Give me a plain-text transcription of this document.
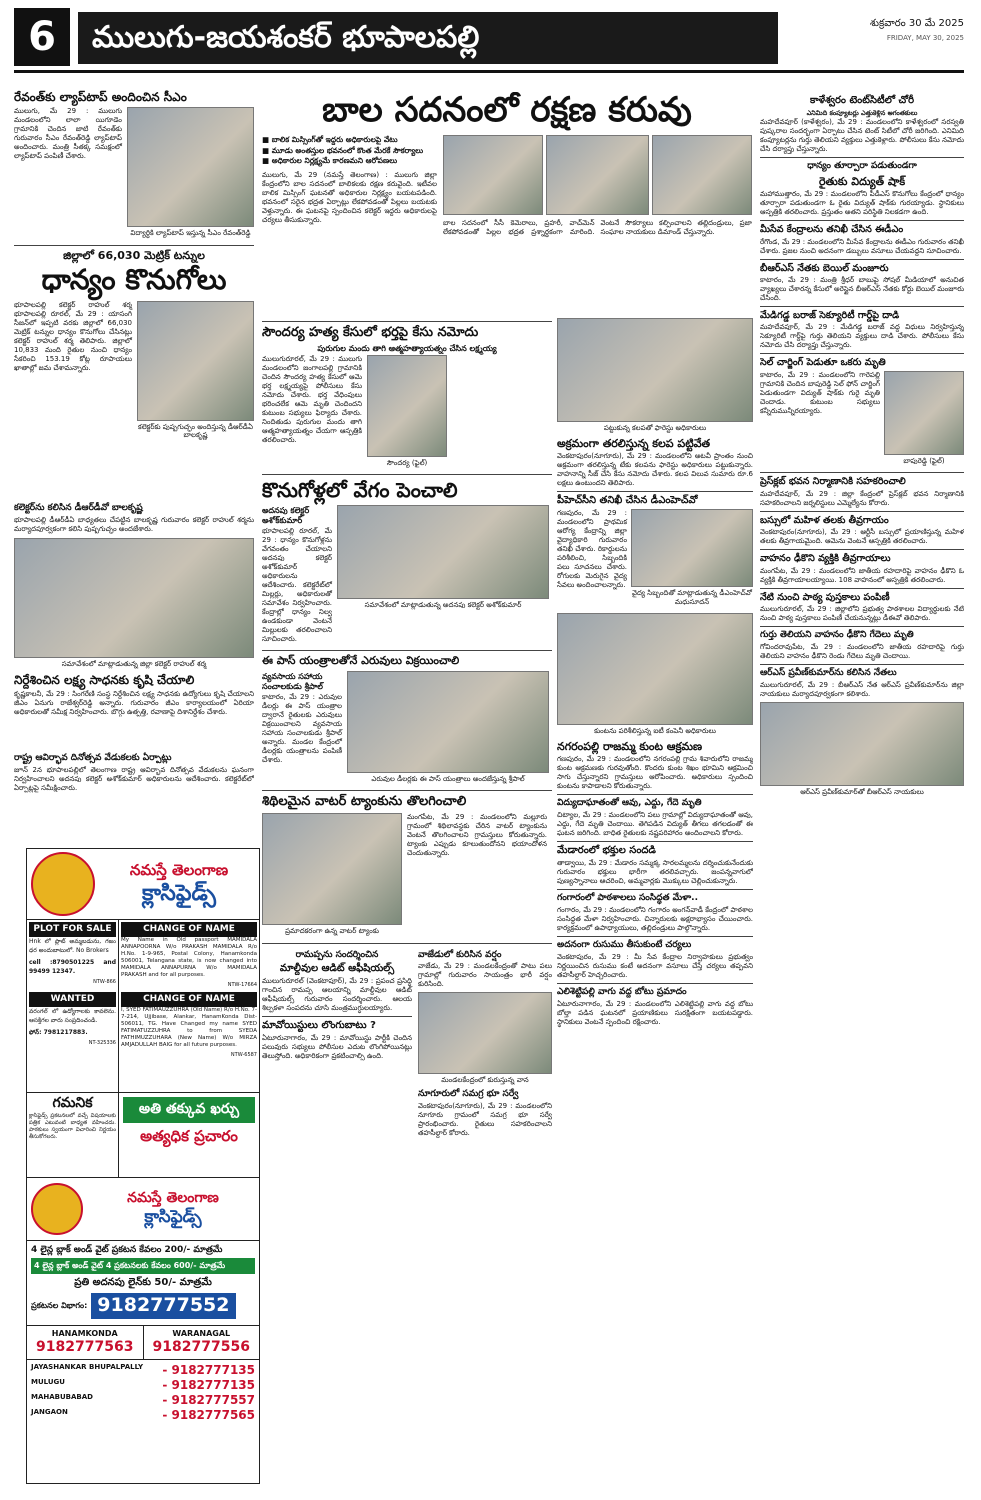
6	ములుగు-జయశంకర్ భూపాలపల్లి	శుక్రవారం 30 మే 2025
FRIDAY, MAY 30, 2025
రేవంత్‌కు ల్యాప్‌టాప్ అందించిన సీఎం

ములుగు, మే 29 : ములుగు మండలంలోని లాలా యిగూడెం గ్రామానికి చెందిన జాటి రేవంత్‌కు గురువారం సీఎం రేవంత్‌రెడ్డి ల్యాప్‌టాప్ అందించారు. మంత్రి సీతక్క సమక్షంలో ల్యాప్‌టాప్ పంపిణీ చేశారు.

విద్యార్థికి ల్యాప్‌టాప్ ఇస్తున్న సీఎం రేవంత్‌రెడ్డి
జిల్లాలో 66,030 మెట్రిక్ టన్నుల
ధాన్యం కొనుగోలు

భూపాలపల్లి కలెక్టర్ రాహుల్ శర్మ భూపాలపల్లి రూరల్, మే 29 : యాసంగి సీజన్‌లో ఇప్పటి వరకు జిల్లాలో 66,030 మెట్రిక్ టన్నుల ధాన్యం కొనుగోలు చేసినట్లు కలెక్టర్ రాహుల్ శర్మ తెలిపారు. జిల్లాలో 10,833 మంది రైతుల నుంచి ధాన్యం సేకరించి 153.19 కోట్ల రూపాయలు ఖాతాల్లో జమ చేశామన్నారు.

కలెక్టర్‌కు పుష్పగుచ్ఛం అందిస్తున్న డీఆర్‌డీఏ బాలకృష్ణ
కలెక్టర్‌ను కలిసిన డీఆర్‌డీవో బాలకృష్ణ

భూపాలపల్లి డీఆర్‌డీఏ బాధ్యతలు చేపట్టిన బాలకృష్ణ గురువారం కలెక్టర్ రాహుల్ శర్మను మర్యాదపూర్వకంగా కలిసి పుష్పగుచ్ఛం అందజేశారు.

సమావేశంలో మాట్లాడుతున్న జిల్లా కలెక్టర్ రాహుల్ శర్మ
నిర్దేశించిన లక్ష్య సాధనకు కృషి చేయాలి

కృష్ణకాలనీ, మే 29 : సింగరేణి సంస్థ నిర్దేశించిన లక్ష్య సాధనకు ఉద్యోగులు కృషి చేయాలని జీఎం ఏనుగు రాజేశ్వర్‌రెడ్డి అన్నారు. గురువారం జీఎం కార్యాలయంలో ఏరియా అధికారులతో సమీక్ష నిర్వహించారు. బొగ్గు ఉత్పత్తి, రవాణాపై దిశానిర్దేశం చేశారు.

రాష్ట్ర ఆవిర్భావ దినోత్సవ వేడుకలకు ఏర్పాట్లు

జూన్ 2న భూపాలపల్లిలో తెలంగాణ రాష్ట్ర ఆవిర్భావ దినోత్సవ వేడుకలను ఘనంగా నిర్వహించాలని అదనపు కలెక్టర్ అశోక్‌కుమార్ అధికారులను ఆదేశించారు. కలెక్టరేట్‌లో ఏర్పాట్లపై సమీక్షించారు.

నమస్తే తెలంగాణ
క్లాసిఫైడ్స్
PLOT FOR SALE

Hnk లో ప్లాట్ అమ్మబడును, గజం ధర అందుబాటులో. No Brokers

cell :8790501225 and 99499 12347.

NTW-866
WANTED

వరంగల్ లో ఉద్యోగాలకు కావలెను. ఆసక్తిగల వారు సంప్రదించండి.

ఫోన్: 7981217883.

NT-325336
CHANGE OF NAME

My Name in Old passport MAMIDALA ANNAPOORNA W/o PRAKASH MAMIDALA R/o H.No. 1-9-965, Postal Colony, Hanamkonda 506001, Telangana state, is now changed into MAMIDALA ANNAPURNA W/o MAMIDALA PRAKASH and for all purposes.

NTW-17664
CHANGE OF NAME

I, SYED FATIMAUZZUHRA (Old Name) R/o H.No. 7-7-214, Ujjibase, Alankar, HanamKonda Dist-506011, TG. Have Changed my name SYED FATIMATUZZUHRA to from SYEDA FATHIMUZZUHARA (New Name) W/o MIRZA AMJADULLAH BAIG for all future purposes.

NTW-6587
గమనిక

క్లాసిఫైడ్స్ ప్రకటనలలో వచ్చే విషయాలకు పత్రిక ఎటువంటి బాధ్యత వహించదు. పాఠకులు స్వయంగా విచారించి నిర్ణయం తీసుకోగలరు.

అతి తక్కువ ఖర్చు
అత్యధిక ప్రచారం
నమస్తే తెలంగాణ
క్లాసిఫైడ్స్
4 లైన్ల బ్లాక్ అండ్ వైట్ ప్రకటన కేవలం 200/- మాత్రమే
4 లైన్ల బ్లాక్ అండ్ వైట్ 4 ప్రకటనలకు కేవలం 600/- మాత్రమే
ప్రతి అదనపు లైన్‌కు 50/- మాత్రమే
ప్రకటనల విభాగం: 9182777552
HANAMKONDA
9182777563
WARANAGAL
9182777556
JAYASHANKAR BHUPALPALLY - 9182777135
MULUGU	- 9182777135
MAHABUBABAD	- 9182777557
JANGAON	- 9182777565
బాల సదనంలో రక్షణ కరువు
■ బాలిక మిస్సింగ్‌తో ఇద్దరు అధికారులపై వేటు
■ మూడు అంతస్తుల భవనంలో కొంత మేరకే సౌకర్యాలు
■ అధికారుల నిర్లక్ష్యమే కారణమని ఆరోపణలు

ములుగు, మే 29 (నమస్తే తెలంగాణ) : ములుగు జిల్లా కేంద్రంలోని బాల సదనంలో బాలికలకు రక్షణ కరువైంది. ఇటీవల బాలిక మిస్సింగ్ ఘటనతో అధికారుల నిర్లక్ష్యం బయటపడింది. భవనంలో సరైన భద్రత ఏర్పాట్లు లేకపోవడంతో పిల్లలు బయటకు వెళ్తున్నారు. ఈ ఘటనపై స్పందించిన కలెక్టర్ ఇద్దరు అధికారులపై చర్యలు తీసుకున్నారు.	బాల సదనంలో సీసీ కెమెరాలు, ప్రహరీ, వాచ్‌మెన్ లేకపోవడంతో పిల్లల భద్రత ప్రశ్నార్థకంగా మారింది. వెంటనే సౌకర్యాలు కల్పించాలని తల్లిదండ్రులు, ప్రజా సంఘాల నాయకులు డిమాండ్ చేస్తున్నారు.

సౌందర్య హత్య కేసులో భర్తపై కేసు నమోదు
పురుగుల మందు తాగి ఆత్మహత్యాయత్నం చేసిన లక్ష్మయ్య

ములుగురూరల్, మే 29 : ములుగు మండలంలోని జంగాలపల్లి గ్రామానికి చెందిన సౌందర్య హత్య కేసులో ఆమె భర్త లక్ష్మయ్యపై పోలీసులు కేసు నమోదు చేశారు. భర్త వేధింపులు భరించలేక ఆమె మృతి చెందిందని కుటుంబ సభ్యులు ఫిర్యాదు చేశారు. నిందితుడు పురుగుల మందు తాగి ఆత్మహత్యాయత్నం చేయగా ఆస్పత్రికి తరలించారు.

సౌందర్య (ఫైల్)
కొనుగోళ్లలో వేగం పెంచాలి
అదనపు కలెక్టర్ అశోక్‌కుమార్

భూపాలపల్లి రూరల్, మే 29 : ధాన్యం కొనుగోళ్లను వేగవంతం చేయాలని అదనపు కలెక్టర్ అశోక్‌కుమార్ అధికారులను ఆదేశించారు. కలెక్టరేట్‌లో మిల్లర్లు, అధికారులతో సమావేశం నిర్వహించారు. కేంద్రాల్లో ధాన్యం నిల్వ ఉండకుండా వెంటనే మిల్లులకు తరలించాలని సూచించారు.

సమావేశంలో మాట్లాడుతున్న అదనపు కలెక్టర్ అశోక్‌కుమార్
ఈ పాస్ యంత్రాలతోనే ఎరువులు విక్రయించాలి
వ్యవసాయ సహాయ సంచాలకుడు శ్రీపాల్

కాటారం, మే 29 : ఎరువుల డీలర్లు ఈ పాస్ యంత్రాల ద్వారానే రైతులకు ఎరువులు విక్రయించాలని వ్యవసాయ సహాయ సంచాలకుడు శ్రీపాల్ అన్నారు. మండల కేంద్రంలో డీలర్లకు యంత్రాలను పంపిణీ చేశారు.

ఎరువుల డీలర్లకు ఈ పాస్ యంత్రాలు అందజేస్తున్న శ్రీపాల్
శిథిలమైన వాటర్ ట్యాంకును తొలగించాలి
ప్రమాదకరంగా ఉన్న వాటర్ ట్యాంకు

మంగపేట, మే 29 : మండలంలోని మల్లూరు గ్రామంలో శిథిలావస్థకు చేరిన వాటర్ ట్యాంకును వెంటనే తొలగించాలని గ్రామస్తులు కోరుతున్నారు. ట్యాంకు ఎప్పుడు కూలుతుందోనని భయాందోళన చెందుతున్నారు.

రామప్పను సందర్శించిన
మాల్దీవుల ఆడిట్ ఆఫీషియల్స్

ములుగురూరల్ (వెంకటాపూర్), మే 29 : ప్రపంచ ప్రసిద్ధి గాంచిన రామప్ప ఆలయాన్ని మాల్దీవుల ఆడిట్ ఆఫీషియల్స్ గురువారం సందర్శించారు. ఆలయ శిల్పకళా సంపదను చూసి మంత్రముగ్ధులయ్యారు.

మావోయిస్టులు లొంగుబాటు ?

ఏటూరునాగారం, మే 29 : మావోయిస్టు పార్టీకి చెందిన పలువురు సభ్యులు పోలీసుల ఎదుట లొంగిపోయినట్లు తెలుస్తోంది. అధికారికంగా ప్రకటించాల్సి ఉంది.

వాజేడులో కురిసిన వర్షం

వాజేడు, మే 29 : మండలకేంద్రంతో పాటు పలు గ్రామాల్లో గురువారం సాయంత్రం భారీ వర్షం కురిసింది.

మండలకేంద్రంలో కురుస్తున్న వాన
నూగూరులో సమగ్ర భూ సర్వే

వెంకటాపురం(నూగూరు), మే 29 : మండలంలోని నూగూరు గ్రామంలో సమగ్ర భూ సర్వే ప్రారంభించారు. రైతులు సహకరించాలని తహసీల్దార్ కోరారు.

పట్టుకున్న కలపతో ఫారెస్టు అధికారులు
అక్రమంగా తరలిస్తున్న కలప పట్టివేత

వెంకటాపురం(నూగూరు), మే 29 : మండలంలోని అటవీ ప్రాంతం నుంచి అక్రమంగా తరలిస్తున్న టేకు కలపను ఫారెస్టు అధికారులు పట్టుకున్నారు. వాహనాన్ని సీజ్ చేసి కేసు నమోదు చేశారు. కలప విలువ సుమారు రూ.6 లక్షలు ఉంటుందని తెలిపారు.

పీహెచ్‌సీని తనిఖీ చేసిన డీఎంహెచ్‌వో

గణపురం, మే 29 : మండలంలోని ప్రాథమిక ఆరోగ్య కేంద్రాన్ని జిల్లా వైద్యాధికారి గురువారం తనిఖీ చేశారు. రికార్డులను పరిశీలించి, సిబ్బందికి పలు సూచనలు చేశారు. రోగులకు మెరుగైన వైద్య సేవలు అందించాలన్నారు.

వైద్య సిబ్బందితో మాట్లాడుతున్న డీఎంహెచ్‌వో మధుసూదన్
కుంటను పరిశీలిస్తున్న ఐటీ కంపెనీ అధికారులు
నగరంపల్లి రాజమ్మ కుంట ఆక్రమణ

గణపురం, మే 29 : మండలంలోని నగరంపల్లి గ్రామ శివారులోని రాజమ్మ కుంట ఆక్రమణకు గురవుతోంది. కొందరు కుంట శిఖం భూమిని ఆక్రమించి సాగు చేస్తున్నారని గ్రామస్తులు ఆరోపించారు. అధికారులు స్పందించి కుంటను కాపాడాలని కోరుతున్నారు.

విద్యుదాఘాతంతో ఆవు, ఎద్దు, గేదె మృతి

చిట్యాల, మే 29 : మండలంలోని పలు గ్రామాల్లో విద్యుదాఘాతంతో ఆవు, ఎద్దు, గేదె మృతి చెందాయి. తెగిపడిన విద్యుత్ తీగలు తగలడంతో ఈ ఘటన జరిగింది. బాధిత రైతులకు నష్టపరిహారం అందించాలని కోరారు.

మేడారంలో భక్తుల సందడి

తాడ్వాయి, మే 29 : మేడారం సమ్మక్క సారలమ్మలను దర్శించుకునేందుకు గురువారం భక్తులు భారీగా తరలివచ్చారు. జంపన్నవాగులో పుణ్యస్నానాలు ఆచరించి, అమ్మవార్లకు మొక్కులు చెల్లించుకున్నారు.

గంగారంలో పాఠశాలలు సంసిద్ధత మేళా..

గంగారం, మే 29 : మండలంలోని గంగారం అంగన్‌వాడీ కేంద్రంలో పాఠశాల సంసిద్ధత మేళా నిర్వహించారు. చిన్నారులకు అక్షరాభ్యాసం చేయించారు. కార్యక్రమంలో ఉపాధ్యాయులు, తల్లిదండ్రులు పాల్గొన్నారు.

అదనంగా రుసుము తీసుకుంటే చర్యలు

వెంకటాపురం, మే 29 : మీ సేవ కేంద్రాల నిర్వాహకులు ప్రభుత్వం నిర్ణయించిన రుసుము కంటే అదనంగా వసూలు చేస్తే చర్యలు తప్పవని తహసీల్దార్ హెచ్చరించారు.

ఎలిశెట్టిపల్లి వాగు వద్ద బోటు ప్రమాదం

ఏటూరునాగారం, మే 29 : మండలంలోని ఎలిశెట్టిపల్లి వాగు వద్ద బోటు బోల్తా పడిన ఘటనలో ప్రయాణికులు సురక్షితంగా బయటపడ్డారు. స్థానికులు వెంటనే స్పందించి రక్షించారు.

కాళేశ్వరం టెంట్‌సిటీలో చోరీ
ఎనిమిది కంప్యూటర్లు ఎత్తుకెళ్లిన అగంతకులు

మహదేవపూర్ (కాళేశ్వరం), మే 29 : మండలంలోని కాళేశ్వరంలో సరస్వతి పుష్కరాల సందర్భంగా ఏర్పాటు చేసిన టెంట్ సిటీలో చోరీ జరిగింది. ఎనిమిది కంప్యూటర్లను గుర్తు తెలియని వ్యక్తులు ఎత్తుకెళ్లారు. పోలీసులు కేసు నమోదు చేసి దర్యాప్తు చేస్తున్నారు.

ధాన్యం తూర్పారా పడుతుండగా
రైతుకు విద్యుత్ షాక్

మహాముత్తారం, మే 29 : మండలంలోని పీడీఎస్ కొనుగోలు కేంద్రంలో ధాన్యం తూర్పారా పడుతుండగా ఓ రైతు విద్యుత్ షాక్‌కు గురయ్యాడు. స్థానికులు ఆస్పత్రికి తరలించారు. ప్రస్తుతం అతని పరిస్థితి నిలకడగా ఉంది.

మీసేవ కేంద్రాలను తనిఖీ చేసిన ఈడీఎం

రేగొండ, మే 29 : మండలంలోని మీసేవ కేంద్రాలను ఈడీఎం గురువారం తనిఖీ చేశారు. ప్రజల నుంచి అదనంగా డబ్బులు వసూలు చేయవద్దని సూచించారు.

బీఆర్‌ఎస్ నేతకు బెయిల్ మంజూరు

కాటారం, మే 29 : మంత్రి శ్రీధర్ బాబుపై సోషల్ మీడియాలో అనుచిత వ్యాఖ్యలు చేశారన్న కేసులో అరెస్టైన బీఆర్‌ఎస్ నేతకు కోర్టు బెయిల్ మంజూరు చేసింది.

మేడిగడ్డ బరాజ్ సెక్యూరిటీ గార్డ్‌పై దాడి

మహదేవపూర్, మే 29 : మేడిగడ్డ బరాజ్ వద్ద విధులు నిర్వహిస్తున్న సెక్యూరిటీ గార్డ్‌పై గుర్తు తెలియని వ్యక్తులు దాడి చేశారు. పోలీసులు కేసు నమోదు చేసి దర్యాప్తు చేస్తున్నారు.

సెల్ చార్జింగ్ పెడుతూ ఒకరు మృతి

కాటారం, మే 29 : మండలంలోని గారెపల్లి గ్రామానికి చెందిన బాపురెడ్డి సెల్ ఫోన్ చార్జింగ్ పెడుతుండగా విద్యుత్ షాక్‌కు గురై మృతి చెందాడు. కుటుంబ సభ్యులు కన్నీరుమున్నీరయ్యారు.

బాపురెడ్డి (ఫైల్)
ప్రెస్‌క్లబ్ భవన నిర్మాణానికి సహకరించాలి

మహదేవపూర్, మే 29 : జిల్లా కేంద్రంలో ప్రెస్‌క్లబ్ భవన నిర్మాణానికి సహకరించాలని జర్నలిస్టులు ఎమ్మెల్యేను కోరారు.

బస్సులో మహిళ తలకు తీవ్రగాయం

వెంకటాపురం(నూగూరు), మే 29 : ఆర్టీసీ బస్సులో ప్రయాణిస్తున్న మహిళ తలకు తీవ్రగాయమైంది. ఆమెను వెంటనే ఆస్పత్రికి తరలించారు.

వాహనం ఢీకొని వ్యక్తికి తీవ్రగాయాలు

మంగపేట, మే 29 : మండలంలోని జాతీయ రహదారిపై వాహనం ఢీకొని ఓ వ్యక్తికి తీవ్రగాయాలయ్యాయి. 108 వాహనంలో ఆస్పత్రికి తరలించారు.

నేటి నుంచి పాఠ్య పుస్తకాలు పంపిణీ

ములుగురూరల్, మే 29 : జిల్లాలోని ప్రభుత్వ పాఠశాలల విద్యార్థులకు నేటి నుంచి పాఠ్య పుస్తకాలు పంపిణీ చేయనున్నట్లు డీఈవో తెలిపారు.

గుర్తు తెలియని వాహనం ఢీకొని గేదెలు మృతి

గోవిందరావుపేట, మే 29 : మండలంలోని జాతీయ రహదారిపై గుర్తు తెలియని వాహనం ఢీకొని రెండు గేదెలు మృతి చెందాయి.

ఆర్‌ఎస్ ప్రవీణ్‌కుమార్‌ను కలిసిన నేతలు

ములుగురూరల్, మే 29 : బీఆర్‌ఎస్ నేత ఆర్‌ఎస్ ప్రవీణ్‌కుమార్‌ను జిల్లా నాయకులు మర్యాదపూర్వకంగా కలిశారు.

ఆర్‌ఎస్ ప్రవీణ్‌కుమార్‌తో బీఆర్‌ఎస్ నాయకులు
